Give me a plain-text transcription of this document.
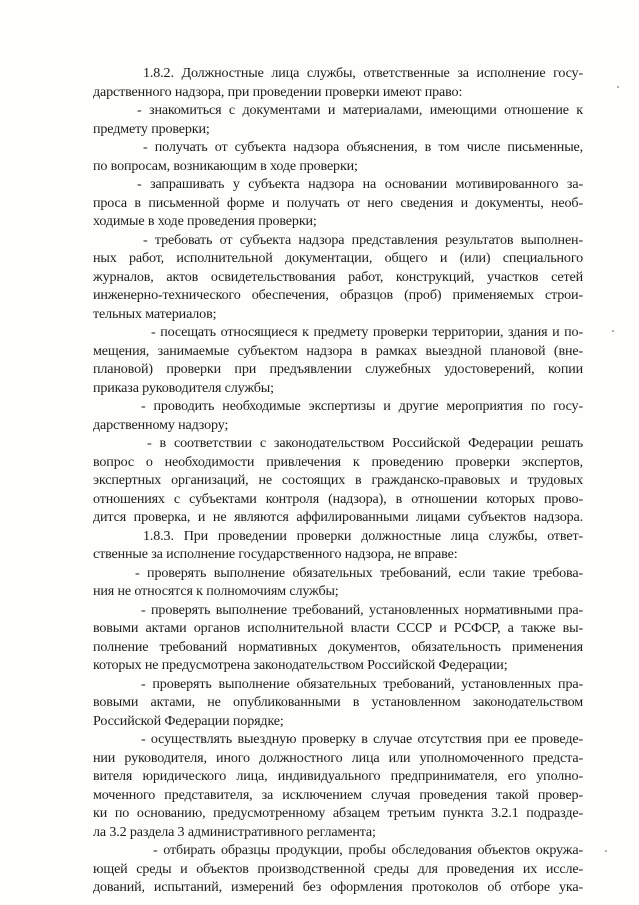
1.8.2. Должностные лица службы, ответственные за исполнение госу-
дарственного надзора, при проведении проверки имеют право:
- знакомиться с документами и материалами, имеющими отношение к
предмету проверки;
- получать от субъекта надзора объяснения, в том числе письменные,
по вопросам, возникающим в ходе проверки;
- запрашивать у субъекта надзора на основании мотивированного за-
проса в письменной форме и получать от него сведения и документы, необ-
ходимые в ходе проведения проверки;
- требовать от субъекта надзора представления результатов выполнен-
ных работ, исполнительной документации, общего и (или) специального
журналов, актов освидетельствования работ, конструкций, участков сетей
инженерно-технического обеспечения, образцов (проб) применяемых строи-
тельных материалов;
- посещать относящиеся к предмету проверки территории, здания и по-
мещения, занимаемые субъектом надзора в рамках выездной плановой (вне-
плановой) проверки при предъявлении служебных удостоверений, копии
приказа руководителя службы;
- проводить необходимые экспертизы и другие мероприятия по госу-
дарственному надзору;
- в соответствии с законодательством Российской Федерации решать
вопрос о необходимости привлечения к проведению проверки экспертов,
экспертных организаций, не состоящих в гражданско-правовых и трудовых
отношениях с субъектами контроля (надзора), в отношении которых прово-
дится проверка, и не являются аффилированными лицами субъектов надзора.
1.8.3. При проведении проверки должностные лица службы, ответ-
ственные за исполнение государственного надзора, не вправе:
- проверять выполнение обязательных требований, если такие требова-
ния не относятся к полномочиям службы;
- проверять выполнение требований, установленных нормативными пра-
вовыми актами органов исполнительной власти СССР и РСФСР, а также вы-
полнение требований нормативных документов, обязательность применения
которых не предусмотрена законодательством Российской Федерации;
- проверять выполнение обязательных требований, установленных пра-
вовыми актами, не опубликованными в установленном законодательством
Российской Федерации порядке;
- осуществлять выездную проверку в случае отсутствия при ее проведе-
нии руководителя, иного должностного лица или уполномоченного предста-
вителя юридического лица, индивидуального предпринимателя, его уполно-
моченного представителя, за исключением случая проведения такой провер-
ки по основанию, предусмотренному абзацем третьим пункта 3.2.1 подразде-
ла 3.2 раздела 3 административного регламента;
- отбирать образцы продукции, пробы обследования объектов окружа-
ющей среды и объектов производственной среды для проведения их иссле-
дований, испытаний, измерений без оформления протоколов об отборе ука-
